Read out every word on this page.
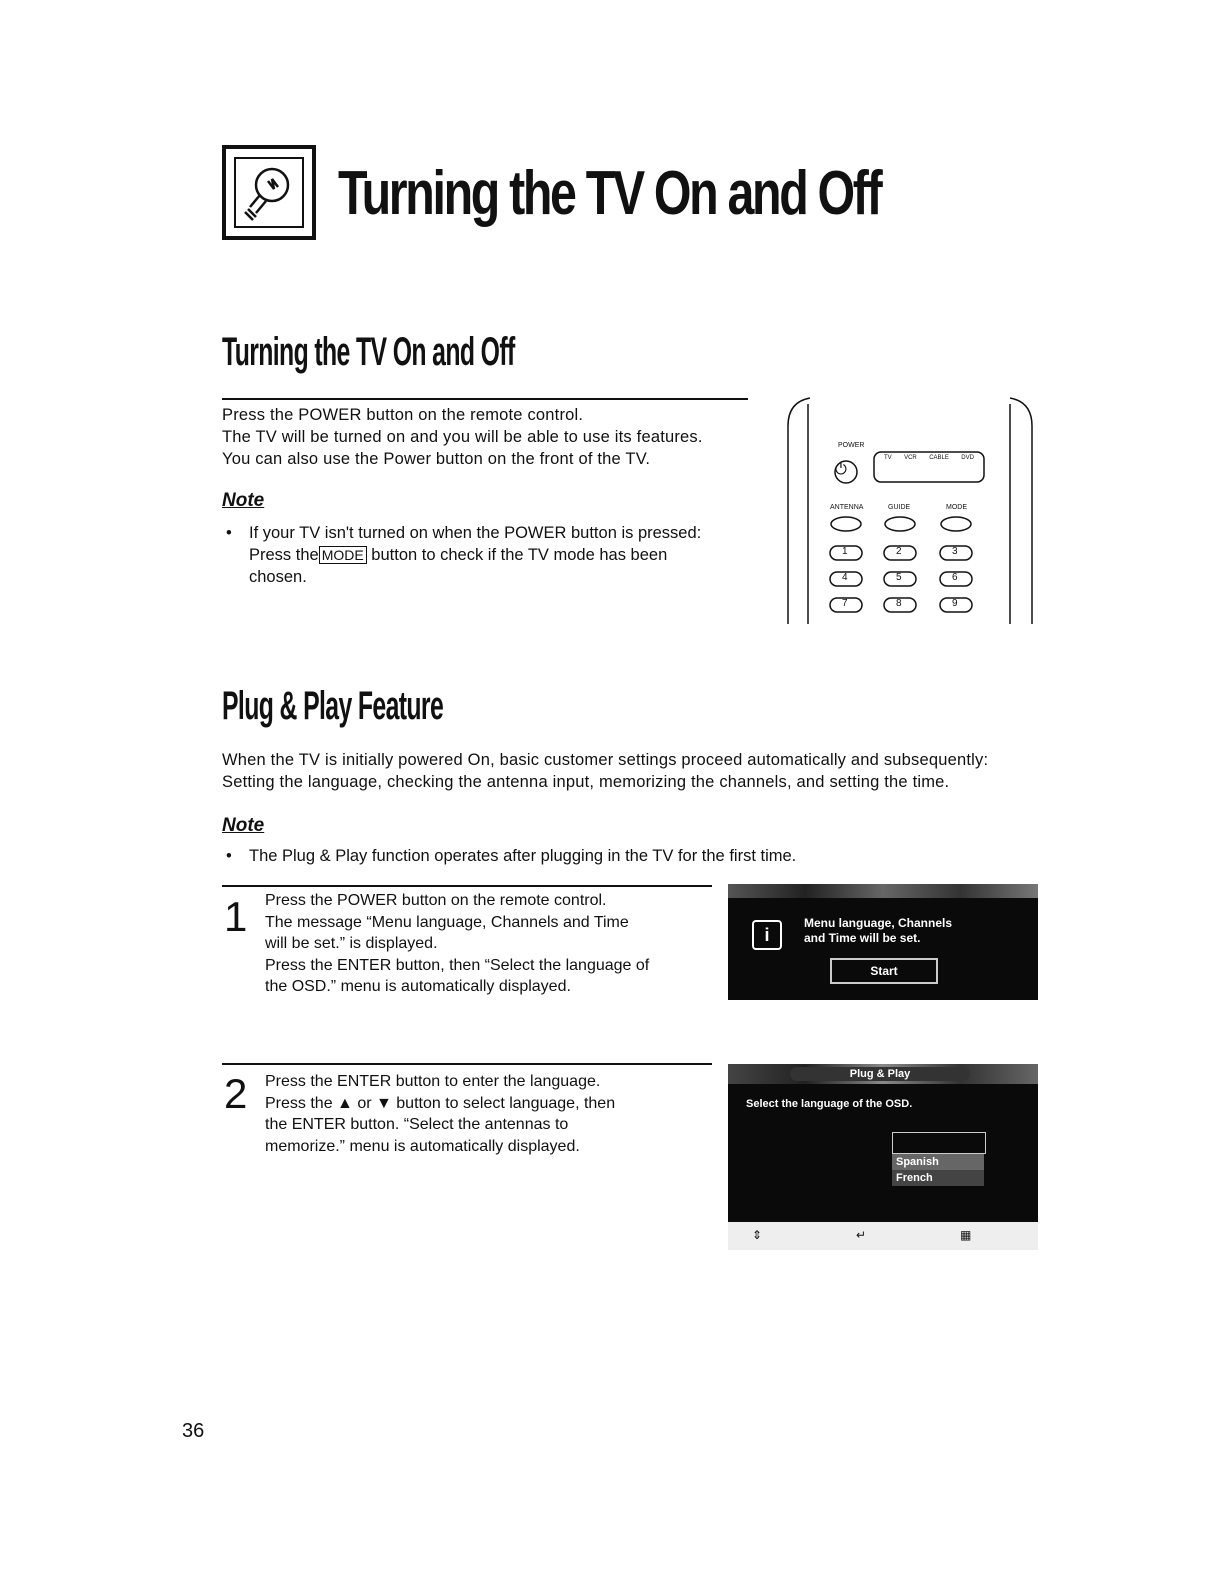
Turning the TV On and Off
Turning the TV On and Off
Press the POWER button on the remote control.
The TV will be turned on and you will be able to use its features.
You can also use the Power button on the front of the TV.
Note
• If your TV isn't turned on when the POWER button is pressed:
Press the MODE button to check if the TV mode has been
chosen.
POWER
⏻
TV VCR CABLE DVD
ANTENNA	GUIDE	MODE
1	2	3
4	5	6
7	8	9
Plug & Play Feature
When the TV is initially powered On, basic customer settings proceed automatically and subsequently:
Setting the language, checking the antenna input, memorizing the channels, and setting the time.
Note
• The Plug & Play function operates after plugging in the TV for the first time.
1 Press the POWER button on the remote control.
The message “Menu language, Channels and Time
will be set.” is displayed.
Press the ENTER button, then “Select the language of
the OSD.” menu is automatically displayed.
i
Menu language, Channels
and Time will be set.
Start
2 Press the ENTER button to enter the language.
Press the ▲ or ▼ button to select language, then
the ENTER button. “Select the antennas to
memorize.” menu is automatically displayed.
Plug & Play
Select the language of the OSD.
Spanish
French
⇕	↵	▦
36
